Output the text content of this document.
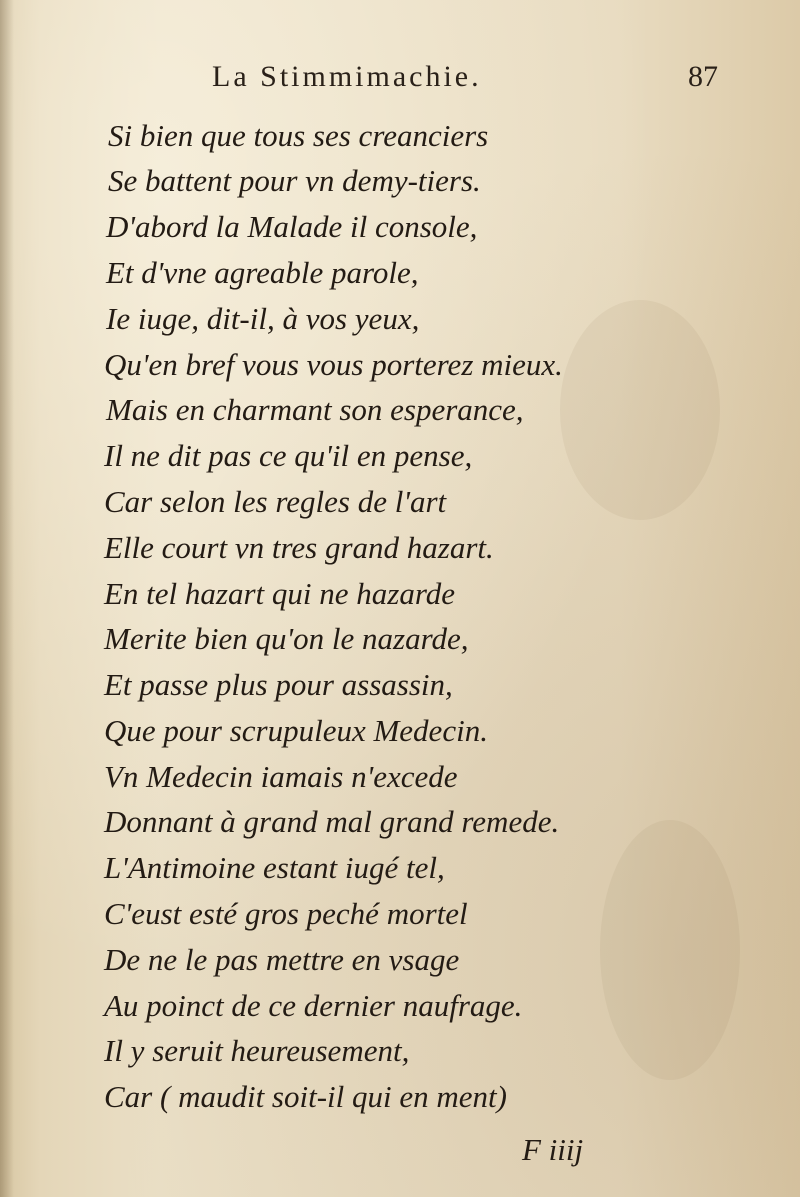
La Stimmimachie.	87
Si bien que tous ses creanciers
Se battent pour vn demy-tiers.
D'abord la Malade il console,
Et d'vne agreable parole,
Ie iuge, dit-il, à vos yeux,
Qu'en bref vous vous porterez mieux.
Mais en charmant son esperance,
Il ne dit pas ce qu'il en pense,
Car selon les regles de l'art
Elle court vn tres grand hazart.
En tel hazart qui ne hazarde
Merite bien qu'on le nazarde,
Et passe plus pour assassin,
Que pour scrupuleux Medecin.
Vn Medecin iamais n'excede
Donnant à grand mal grand remede.
L'Antimoine estant iugé tel,
C'eust esté gros peché mortel
De ne le pas mettre en vsage
Au poinct de ce dernier naufrage.
Il y seruit heureusement,
Car ( maudit soit-il qui en ment)
F iiij
